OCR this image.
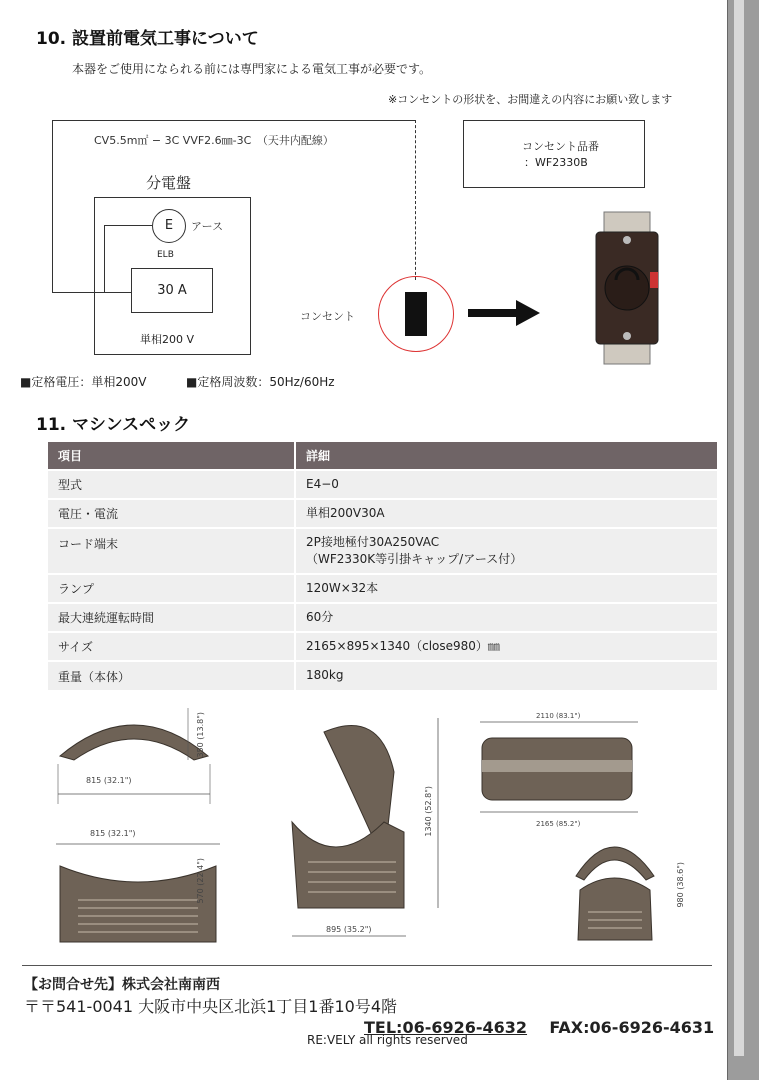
10. 設置前電気工事について
本器をご使用になられる前には専門家による電気工事が必要です。
※コンセントの形状を、お間違えの内容にお願い致します
CV5.5m㎡ − 3C VVF2.6㎜-3C　（天井内配線）
分電盤
E	アース
ELB
30 A
単相200 V
コンセント
コンセント品番
：WF2330B
■定格電圧：単相200V	■定格周波数：50Hz/60Hz
11. マシンスペック
項目	詳細
型式	E4−0
電圧・電流	単相200V30A
コード端末	2P接地極付30A250VAC
（WF2330K等引掛キャップ/アース付）
ランプ	120W×32本
最大連続運転時間	60分
サイズ	2165×895×1340（close980）㎜
重量（本体）	180kg
815 (32.1")
350 (13.8")
815 (32.1")
570 (22.4")
1340 (52.8")
895 (35.2")
2110 (83.1")
2165 (85.2")
980 (38.6")
【お問合せ先】株式会社南南西
〒〒541-0041 大阪市中央区北浜1丁目1番10号4階
TEL:06-6926-4632 FAX:06-6926-4631
RE:VELY all rights reserved
